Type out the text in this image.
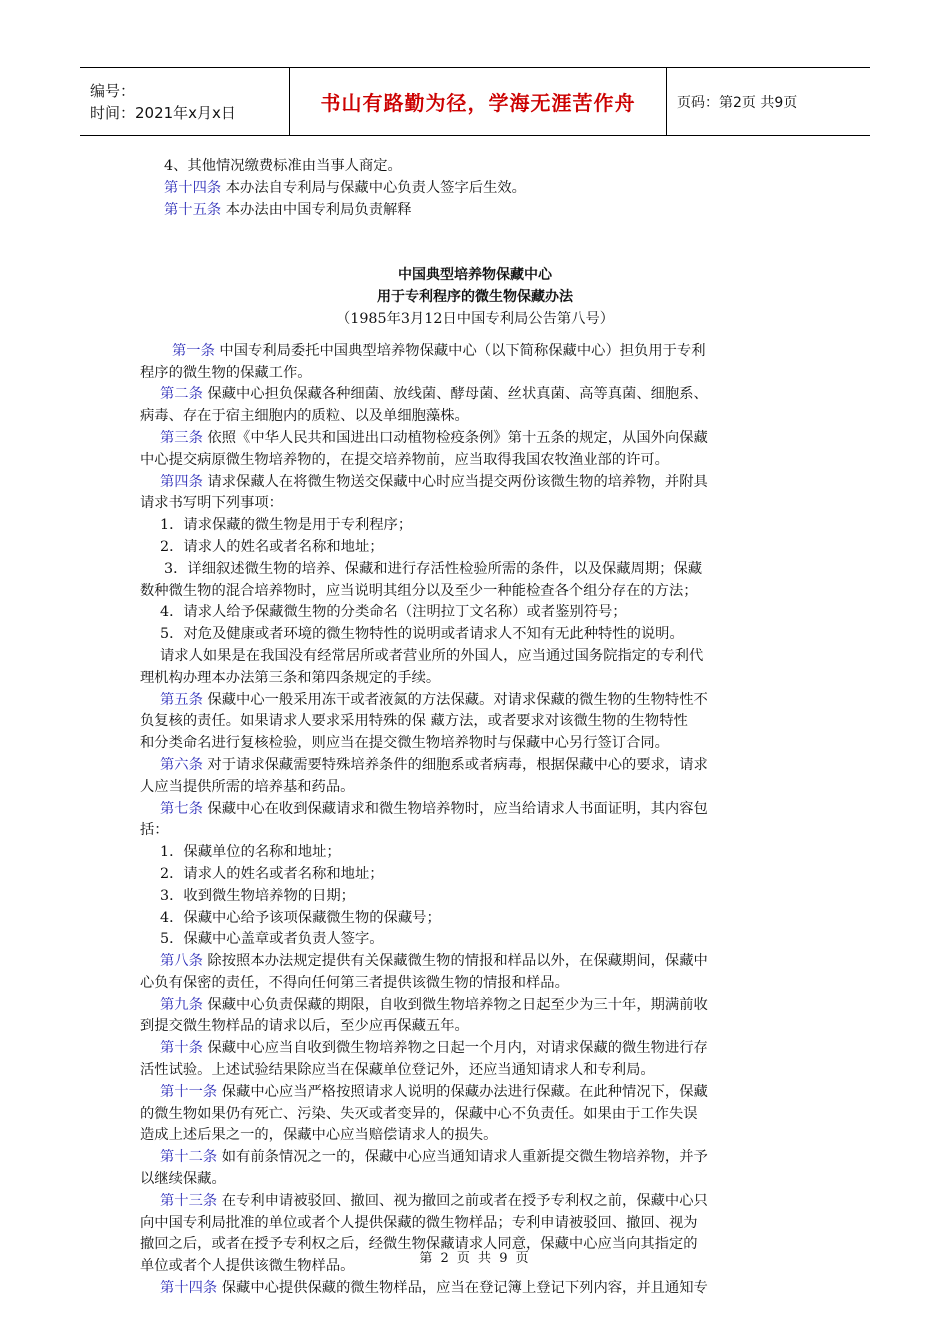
编号：
时间：2021年x月x日	书山有路勤为径，学海无涯苦作舟	页码：第2页 共9页

4、其他情况缴费标准由当事人商定。

第十四条 本办法自专利局与保藏中心负责人签字后生效。

第十五条 本办法由中国专利局负责解释

中国典型培养物保藏中心

用于专利程序的微生物保藏办法

（1985年3月12日中国专利局公告第八号）

第一条 中国专利局委托中国典型培养物保藏中心（以下简称保藏中心）担负用于专利

程序的微生物的保藏工作。

第二条 保藏中心担负保藏各种细菌、放线菌、酵母菌、丝状真菌、高等真菌、细胞系、

病毒、存在于宿主细胞内的质粒、以及单细胞藻株。

第三条 依照《中华人民共和国进出口动植物检疫条例》第十五条的规定，从国外向保藏

中心提交病原微生物培养物的，在提交培养物前，应当取得我国农牧渔业部的许可。

第四条 请求保藏人在将微生物送交保藏中心时应当提交两份该微生物的培养物，并附具

请求书写明下列事项：

1．请求保藏的微生物是用于专利程序；

2．请求人的姓名或者名称和地址；

3．详细叙述微生物的培养、保藏和进行存活性检验所需的条件，以及保藏周期；保藏

数种微生物的混合培养物时，应当说明其组分以及至少一种能检查各个组分存在的方法；

4．请求人给予保藏微生物的分类命名（注明拉丁文名称）或者鉴别符号；

5．对危及健康或者环境的微生物特性的说明或者请求人不知有无此种特性的说明。

请求人如果是在我国没有经常居所或者营业所的外国人，应当通过国务院指定的专利代

理机构办理本办法第三条和第四条规定的手续。

第五条 保藏中心一般采用冻干或者液氮的方法保藏。对请求保藏的微生物的生物特性不

负复核的责任。如果请求人要求采用特殊的保 藏方法，或者要求对该微生物的生物特性

和分类命名进行复核检验，则应当在提交微生物培养物时与保藏中心另行签订合同。

第六条 对于请求保藏需要特殊培养条件的细胞系或者病毒，根据保藏中心的要求，请求

人应当提供所需的培养基和药品。

第七条 保藏中心在收到保藏请求和微生物培养物时，应当给请求人书面证明，其内容包

括：

1．保藏单位的名称和地址；

2．请求人的姓名或者名称和地址；

3．收到微生物培养物的日期；

4．保藏中心给予该项保藏微生物的保藏号；

5．保藏中心盖章或者负责人签字。

第八条 除按照本办法规定提供有关保藏微生物的情报和样品以外，在保藏期间，保藏中

心负有保密的责任，不得向任何第三者提供该微生物的情报和样品。

第九条 保藏中心负责保藏的期限，自收到微生物培养物之日起至少为三十年，期满前收

到提交微生物样品的请求以后，至少应再保藏五年。

第十条 保藏中心应当自收到微生物培养物之日起一个月内，对请求保藏的微生物进行存

活性试验。上述试验结果除应当在保藏单位登记外，还应当通知请求人和专利局。

第十一条 保藏中心应当严格按照请求人说明的保藏办法进行保藏。在此种情况下，保藏

的微生物如果仍有死亡、污染、失灭或者变异的，保藏中心不负责任。如果由于工作失误

造成上述后果之一的，保藏中心应当赔偿请求人的损失。

第十二条 如有前条情况之一的，保藏中心应当通知请求人重新提交微生物培养物，并予

以继续保藏。

第十三条 在专利申请被驳回、撤回、视为撤回之前或者在授予专利权之前，保藏中心只

向中国专利局批准的单位或者个人提供保藏的微生物样品；专利申请被驳回、撤回、视为

撤回之后，或者在授予专利权之后，经微生物保藏请求人同意，保藏中心应当向其指定的

单位或者个人提供该微生物样品。

第十四条 保藏中心提供保藏的微生物样品，应当在登记簿上登记下列内容，并且通知专

第 2 页 共 9 页
